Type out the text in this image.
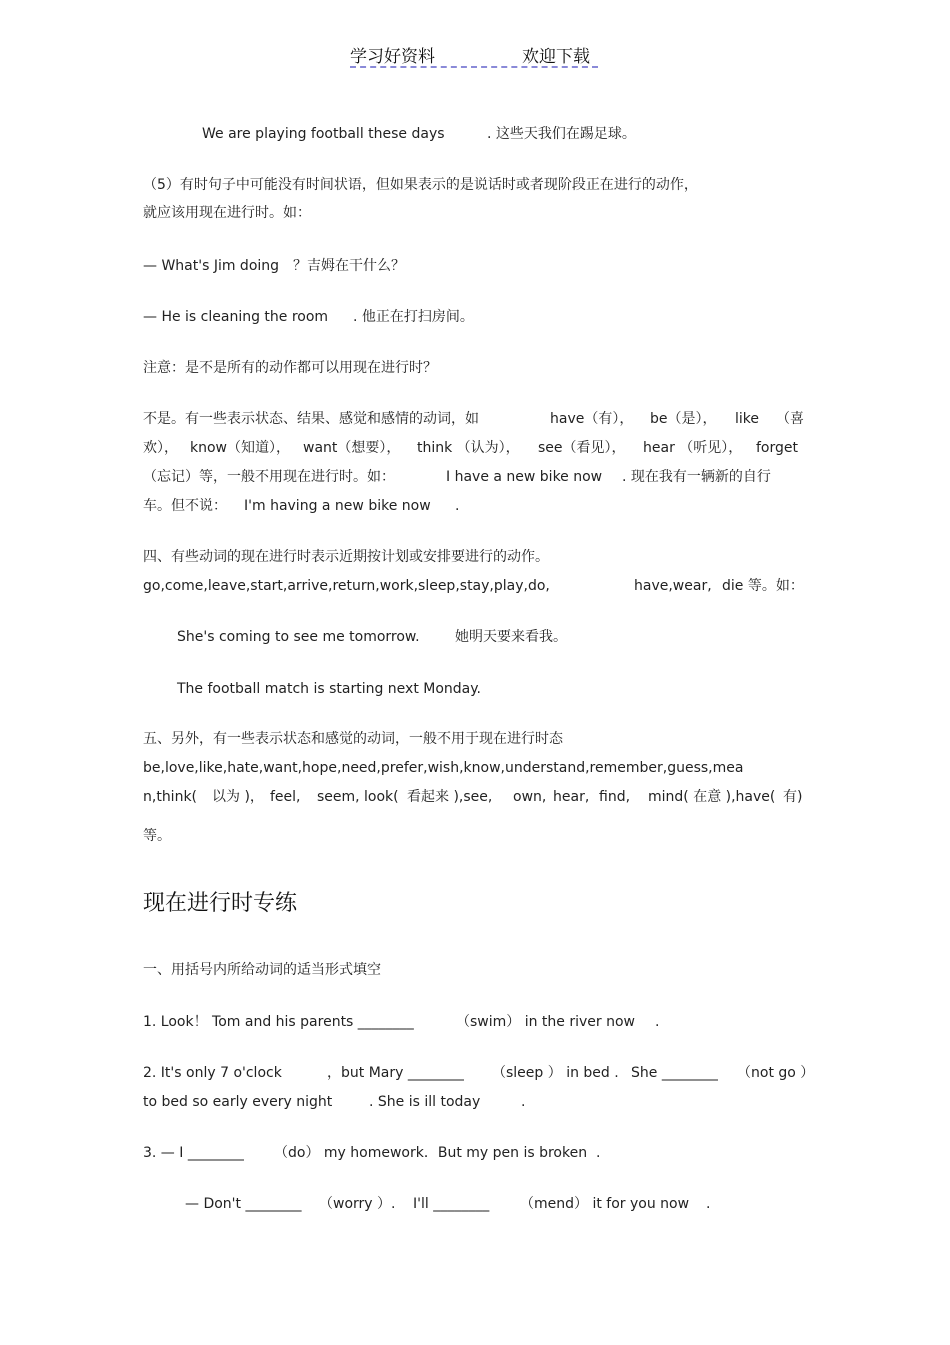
学习好资料	欢迎下载
We are playing football these days	. 这些天我们在踢足球。
（5）有时句子中可能没有时间状语，但如果表示的是说话时或者现阶段正在进行的动作，
就应该用现在进行时。如：
— What's Jim doing ？吉姆在干什么？
— He is cleaning the room . 他正在打扫房间。
注意：是不是所有的动作都可以用现在进行时？
不是。有一些表示状态、结果、感觉和感情的动词，如	have（有）， be（是）， like （喜
欢）， know（知道）， want（想要）， think （认为）， see（看见）， hear （听见）， forget
（忘记）等，一般不用现在进行时。如：	I have a new bike now . 现在我有一辆新的自行
车。但不说： I'm having a new bike now .
四、有些动词的现在进行时表示近期按计划或安排要进行的动作。
go,come,leave,start,arrive,return,work,sleep,stay,play,do,	have,wear, die 等。如：
She's coming to see me tomorrow.	她明天要来看我。
The football match is starting next Monday.
五、另外，有一些表示状态和感觉的动词，一般不用于现在进行时态
be,love,like,hate,want,hope,need,prefer,wish,know,understand,remember,guess,mea
n,think( 以为 )， feel, seem, look( 看起来 ),see, own, hear, find, mind( 在意 ),have( 有)
等。
一、用括号内所给动词的适当形式填空
1. Look！ Tom and his parents ________	（swim） in the river now .
2. It's only 7 o'clock	，but Mary ________ （sleep ） in bed . She ________ （not go ）
to bed so early every night	. She is ill today	.
3. — I ________ （do） my homework．But my pen is broken .
— Don't ________ （worry ）. I'll ________ （mend） it for you now .
现在进行时专练
